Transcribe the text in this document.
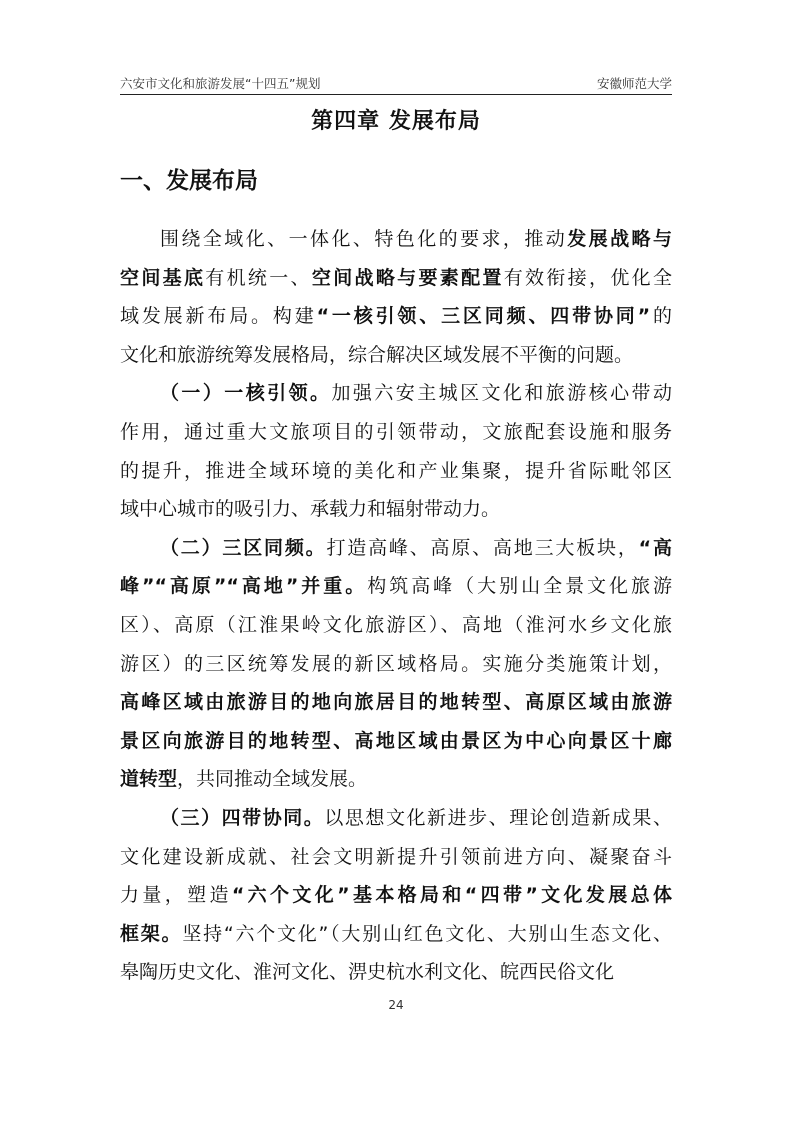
六安市文化和旅游发展“十四五”规划	安徽师范大学
第四章 发展布局
一、发展布局
围绕全域化、一体化、特色化的要求，推动发展战略与
空间基底有机统一、空间战略与要素配置有效衔接，优化全
域发展新布局。构建“一核引领、三区同频、四带协同”的
文化和旅游统筹发展格局，综合解决区域发展不平衡的问题。
（一）一核引领。加强六安主城区文化和旅游核心带动
作用，通过重大文旅项目的引领带动，文旅配套设施和服务
的提升，推进全域环境的美化和产业集聚，提升省际毗邻区
域中心城市的吸引力、承载力和辐射带动力。
（二）三区同频。打造高峰、高原、高地三大板块，“高
峰”“高原”“高地”并重。构筑高峰（大别山全景文化旅游
区）、高原（江淮果岭文化旅游区）、高地（淮河水乡文化旅
游区）的三区统筹发展的新区域格局。实施分类施策计划，
高峰区域由旅游目的地向旅居目的地转型、高原区域由旅游
景区向旅游目的地转型、高地区域由景区为中心向景区十廊
道转型，共同推动全域发展。
（三）四带协同。以思想文化新进步、理论创造新成果、
文化建设新成就、社会文明新提升引领前进方向、凝聚奋斗
力量，塑造“六个文化”基本格局和“四带”文化发展总体
框架。坚持“六个文化”（大别山红色文化、大别山生态文化、
皋陶历史文化、淮河文化、淠史杭水利文化、皖西民俗文化
24
